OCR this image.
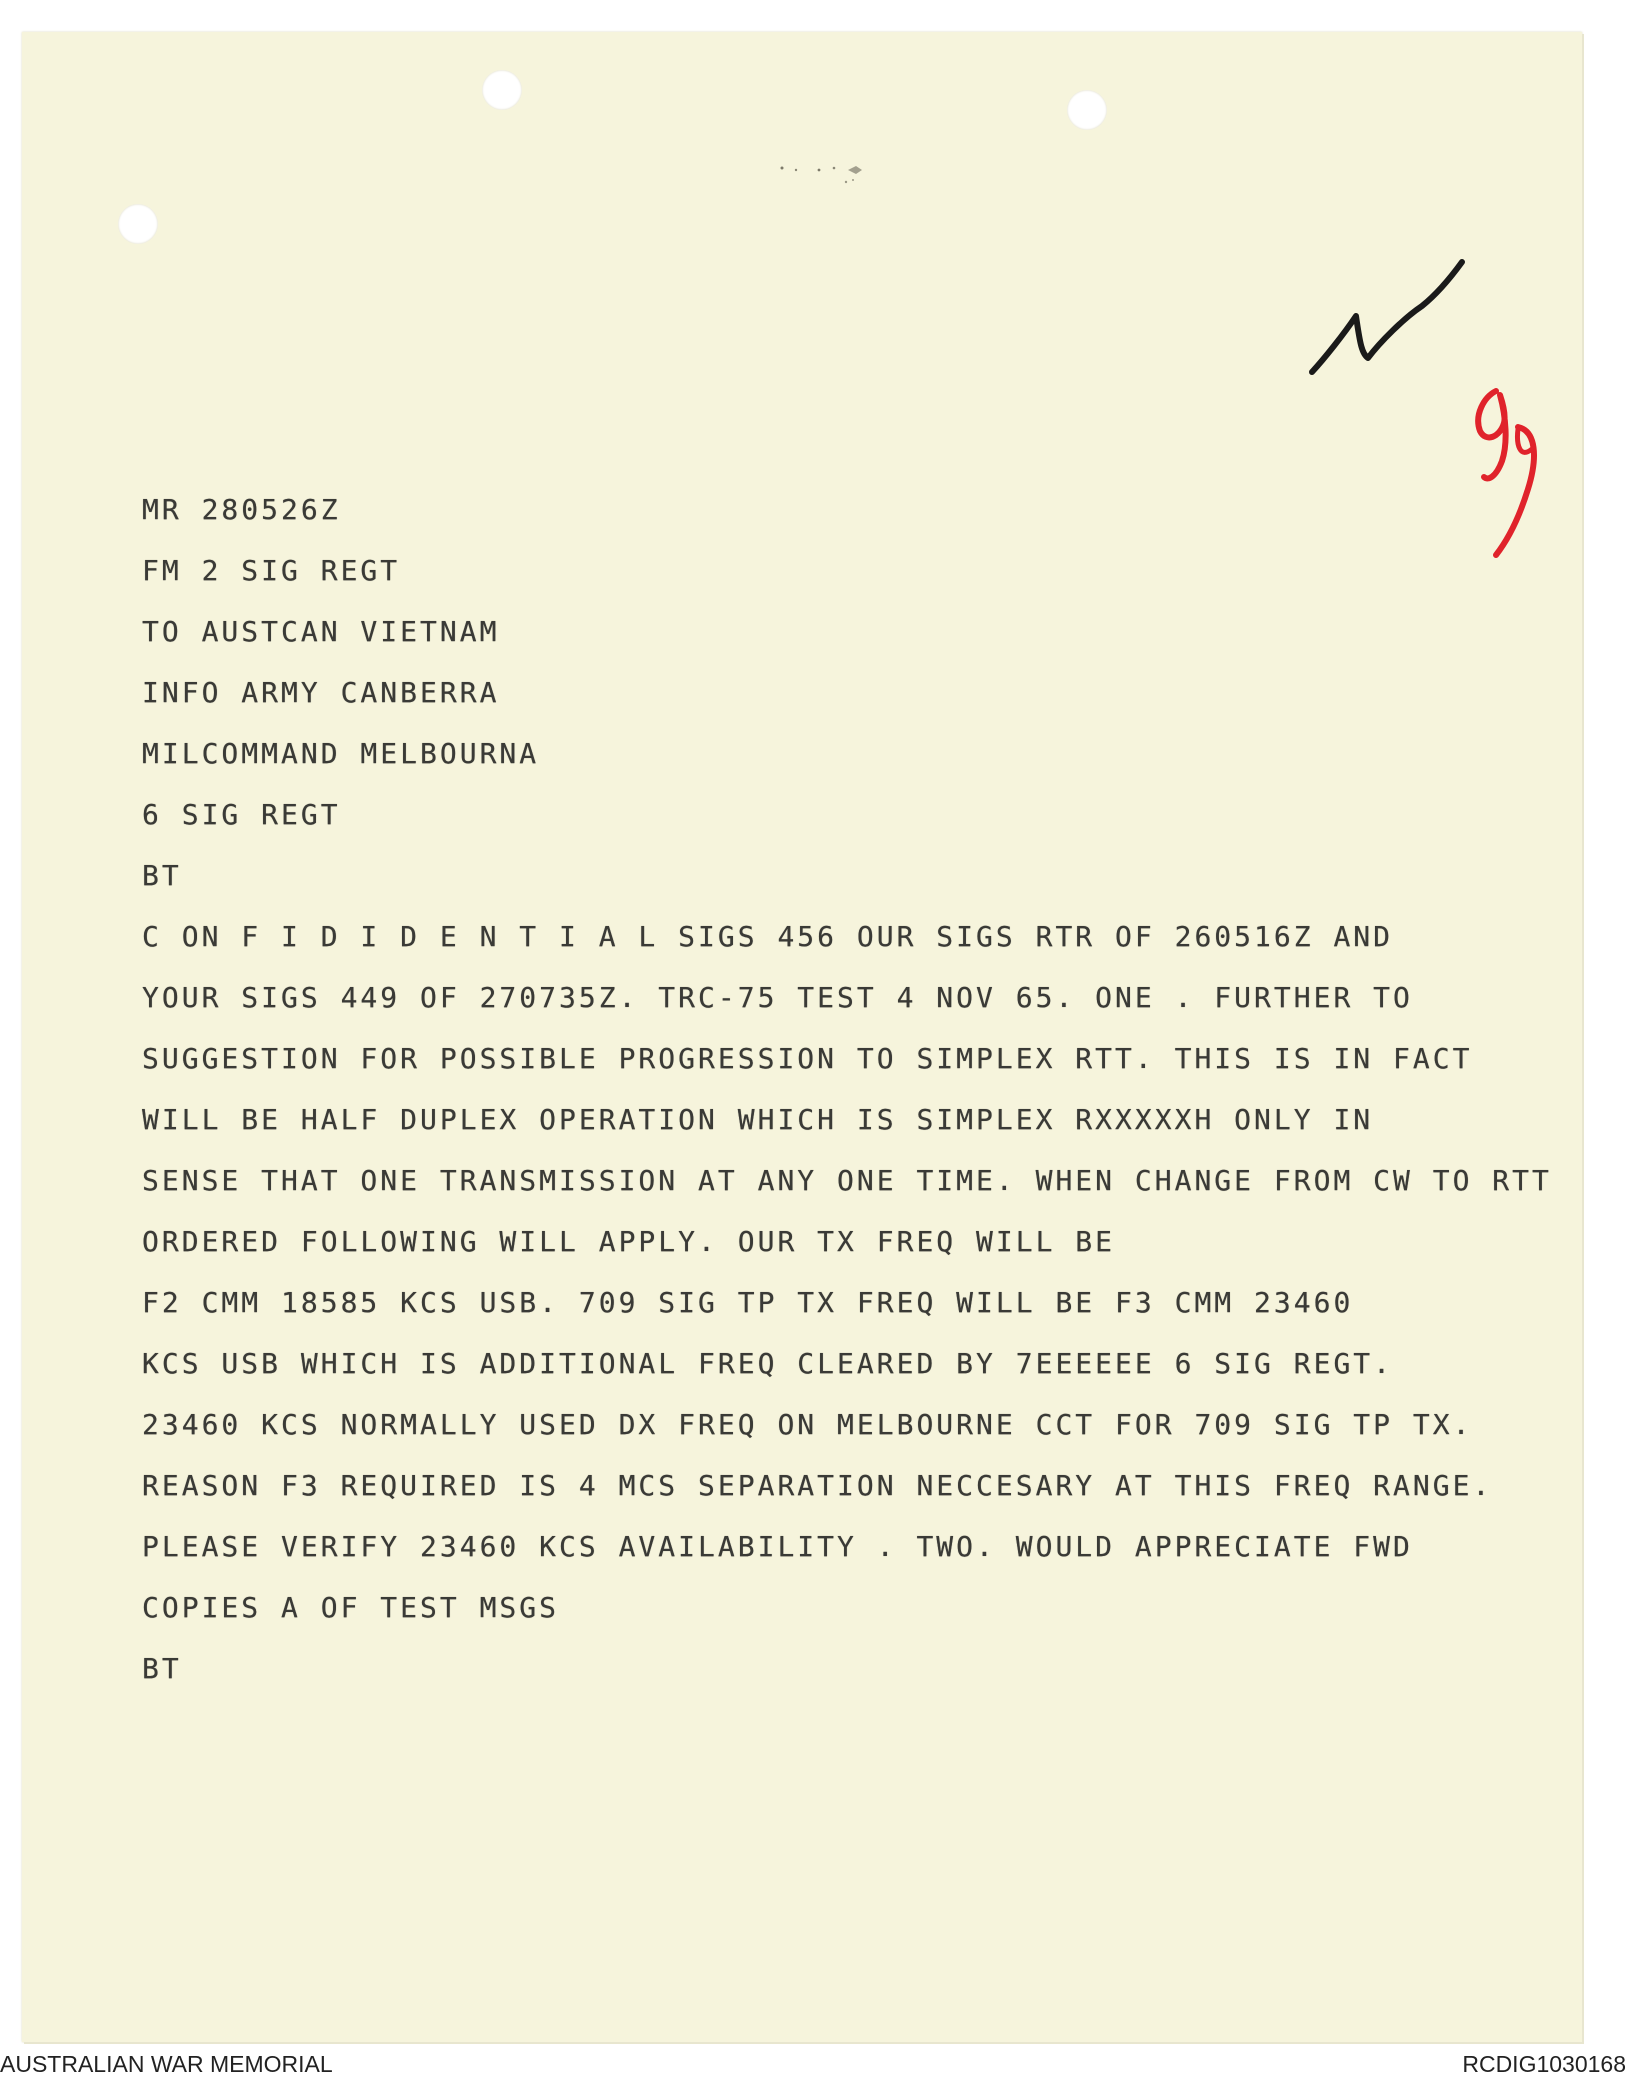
MR 280526Z
FM 2 SIG REGT
TO AUSTCAN VIETNAM
INFO ARMY CANBERRA
MILCOMMAND MELBOURNA
6 SIG REGT
BT
C ON F I D I D E N T I A L SIGS 456 OUR SIGS RTR OF 260516Z AND
YOUR SIGS 449 OF 270735Z. TRC-75 TEST 4 NOV 65. ONE . FURTHER TO
SUGGESTION FOR POSSIBLE PROGRESSION TO SIMPLEX RTT. THIS IS IN FACT
WILL BE HALF DUPLEX OPERATION WHICH IS SIMPLEX RXXXXXH ONLY IN
SENSE THAT ONE TRANSMISSION AT ANY ONE TIME. WHEN CHANGE FROM CW TO RTT
ORDERED FOLLOWING WILL APPLY. OUR TX FREQ WILL BE
F2 CMM 18585 KCS USB. 709 SIG TP TX FREQ WILL BE F3 CMM 23460
KCS USB WHICH IS ADDITIONAL FREQ CLEARED BY 7EEEEEE 6 SIG REGT.
23460 KCS NORMALLY USED DX FREQ ON MELBOURNE CCT FOR 709 SIG TP TX.
REASON F3 REQUIRED IS 4 MCS SEPARATION NECCESARY AT THIS FREQ RANGE.
PLEASE VERIFY 23460 KCS AVAILABILITY . TWO. WOULD APPRECIATE FWD
COPIES A OF TEST MSGS
BT
AUSTRALIAN WAR MEMORIAL	RCDIG1030168
